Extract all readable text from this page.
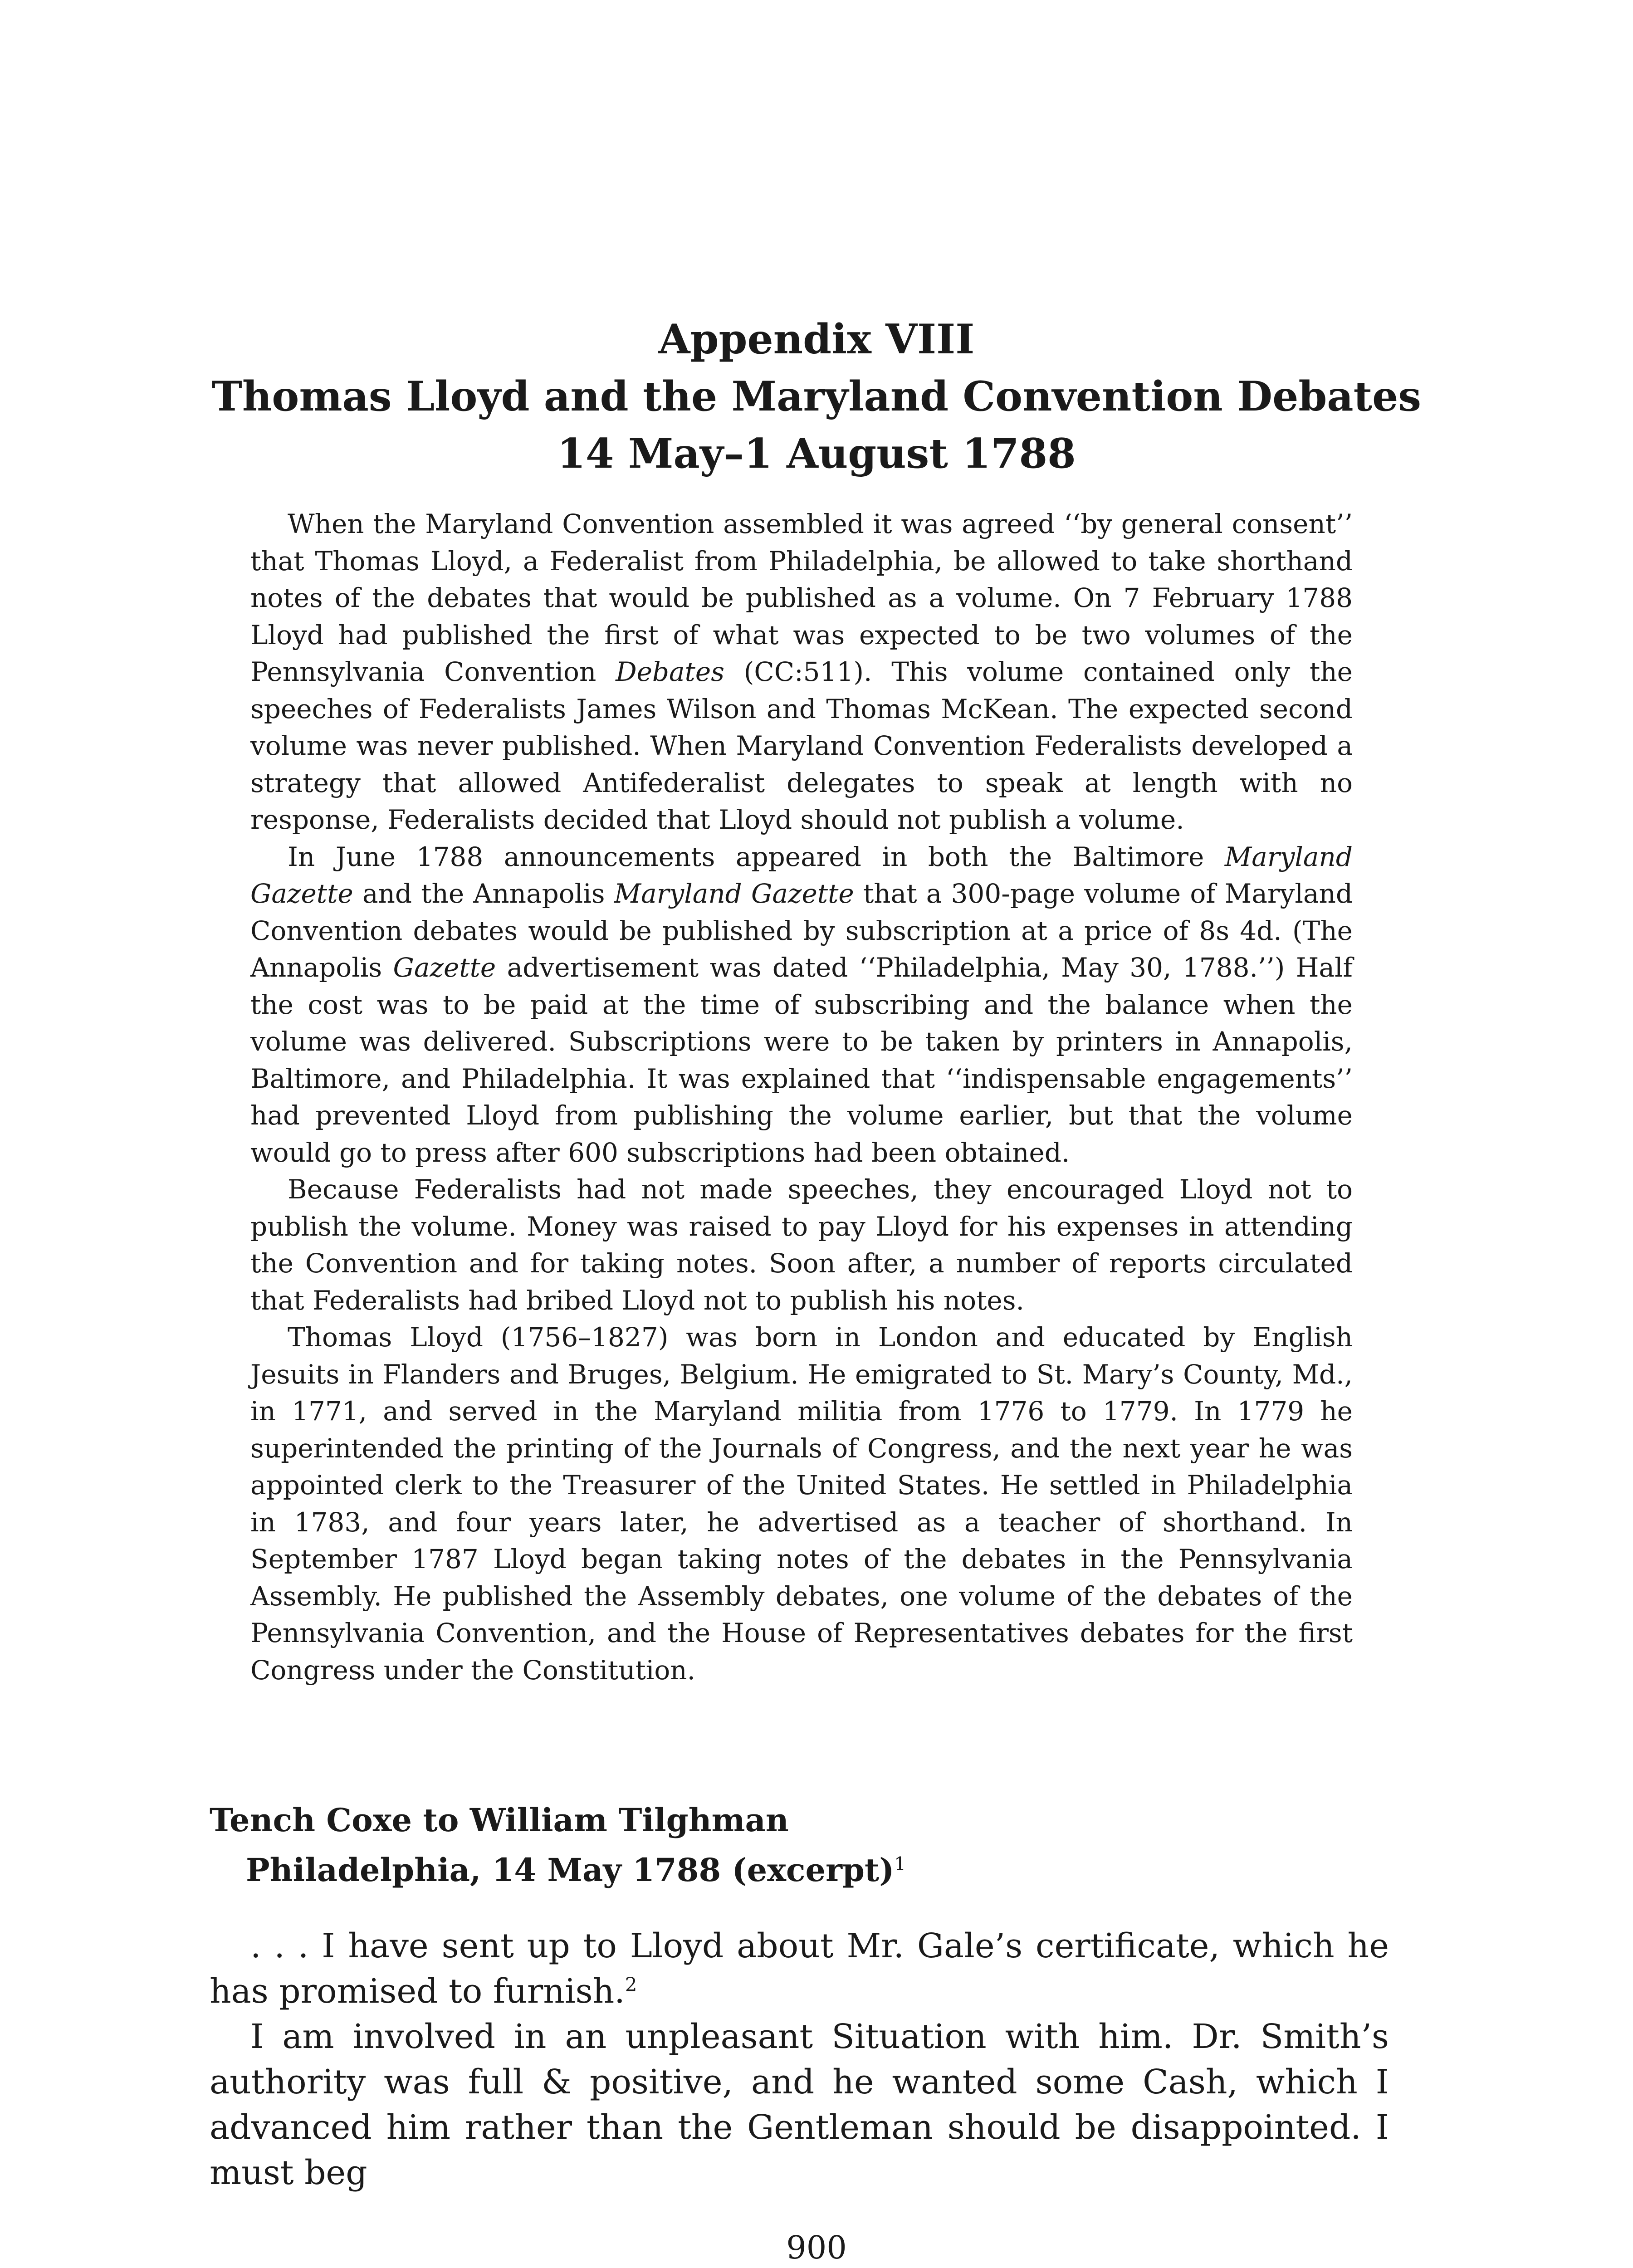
Appendix VIII
Thomas Lloyd and the Maryland Convention Debates
14 May–1 August 1788

When the Maryland Convention assembled it was agreed ‘‘by general consent’’ that Thomas Lloyd, a Federalist from Philadelphia, be allowed to take shorthand notes of the debates that would be published as a volume. On 7 February 1788 Lloyd had published the first of what was expected to be two volumes of the Pennsylvania Convention Debates (CC:511). This volume contained only the speeches of Federalists James Wilson and Thomas McKean. The expected second volume was never published. When Maryland Convention Federalists developed a strategy that allowed Antifederalist delegates to speak at length with no response, Federalists decided that Lloyd should not publish a volume.

In June 1788 announcements appeared in both the Baltimore Maryland Gazette and the Annapolis Maryland Gazette that a 300-page volume of Maryland Convention debates would be published by subscription at a price of 8s 4d. (The Annapolis Gazette advertisement was dated ‘‘Philadelphia, May 30, 1788.’’) Half the cost was to be paid at the time of subscribing and the balance when the volume was delivered. Subscriptions were to be taken by printers in Annapolis, Baltimore, and Philadelphia. It was explained that ‘‘indispensable engagements’’ had prevented Lloyd from publishing the volume earlier, but that the volume would go to press after 600 subscriptions had been obtained.

Because Federalists had not made speeches, they encouraged Lloyd not to publish the volume. Money was raised to pay Lloyd for his expenses in attending the Convention and for taking notes. Soon after, a number of reports circulated that Federalists had bribed Lloyd not to publish his notes.

Thomas Lloyd (1756–1827) was born in London and educated by English Jesuits in Flanders and Bruges, Belgium. He emigrated to St. Mary’s County, Md., in 1771, and served in the Maryland militia from 1776 to 1779. In 1779 he superintended the printing of the Journals of Congress, and the next year he was appointed clerk to the Treasurer of the United States. He settled in Philadelphia in 1783, and four years later, he advertised as a teacher of shorthand. In September 1787 Lloyd began taking notes of the debates in the Pennsylvania Assembly. He published the Assembly debates, one volume of the debates of the Pennsylvania Convention, and the House of Representatives debates for the first Congress under the Constitution.

Tench Coxe to William Tilghman
Philadelphia, 14 May 1788 (excerpt)$^1$

. . . I have sent up to Lloyd about Mr. Gale’s certificate, which he has promised to furnish.$^2$

I am involved in an unpleasant Situation with him. Dr. Smith’s authority was full & positive, and he wanted some Cash, which I advanced him rather than the Gentleman should be disappointed. I must beg

900
